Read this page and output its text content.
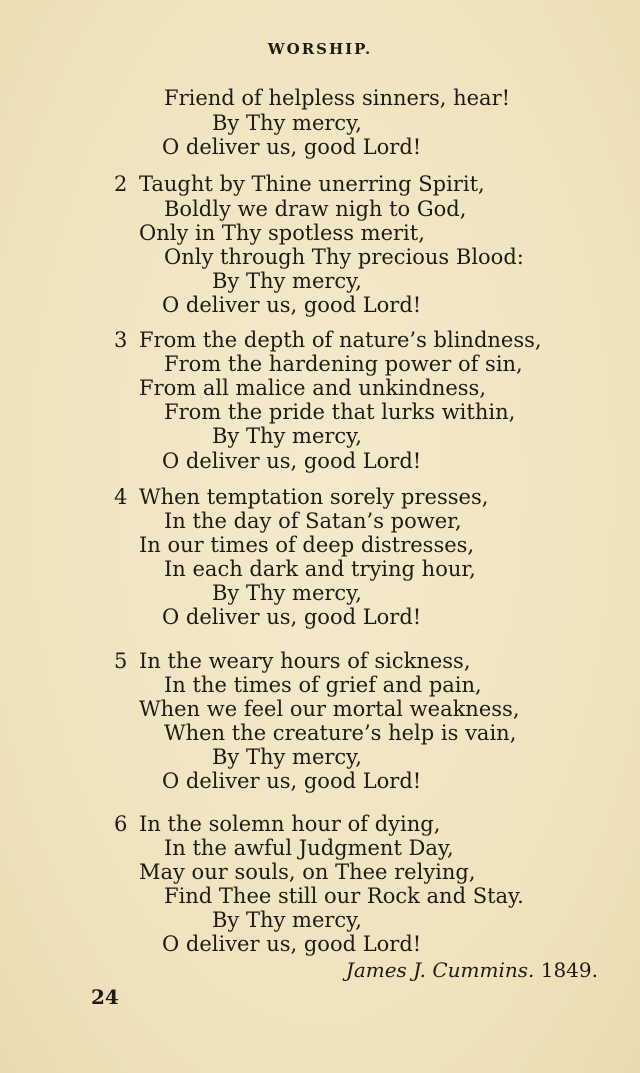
WORSHIP.
Friend of helpless sinners, hear!
By Thy mercy,
O deliver us, good Lord!
2 Taught by Thine unerring Spirit,
Boldly we draw nigh to God,
Only in Thy spotless merit,
Only through Thy precious Blood:
By Thy mercy,
O deliver us, good Lord!
3 From the depth of nature’s blindness,
From the hardening power of sin,
From all malice and unkindness,
From the pride that lurks within,
By Thy mercy,
O deliver us, good Lord!
4 When temptation sorely presses,
In the day of Satan’s power,
In our times of deep distresses,
In each dark and trying hour,
By Thy mercy,
O deliver us, good Lord!
5 In the weary hours of sickness,
In the times of grief and pain,
When we feel our mortal weakness,
When the creature’s help is vain,
By Thy mercy,
O deliver us, good Lord!
6 In the solemn hour of dying,
In the awful Judgment Day,
May our souls, on Thee relying,
Find Thee still our Rock and Stay.
By Thy mercy,
O deliver us, good Lord!
James J. Cummins. 1849.
24
